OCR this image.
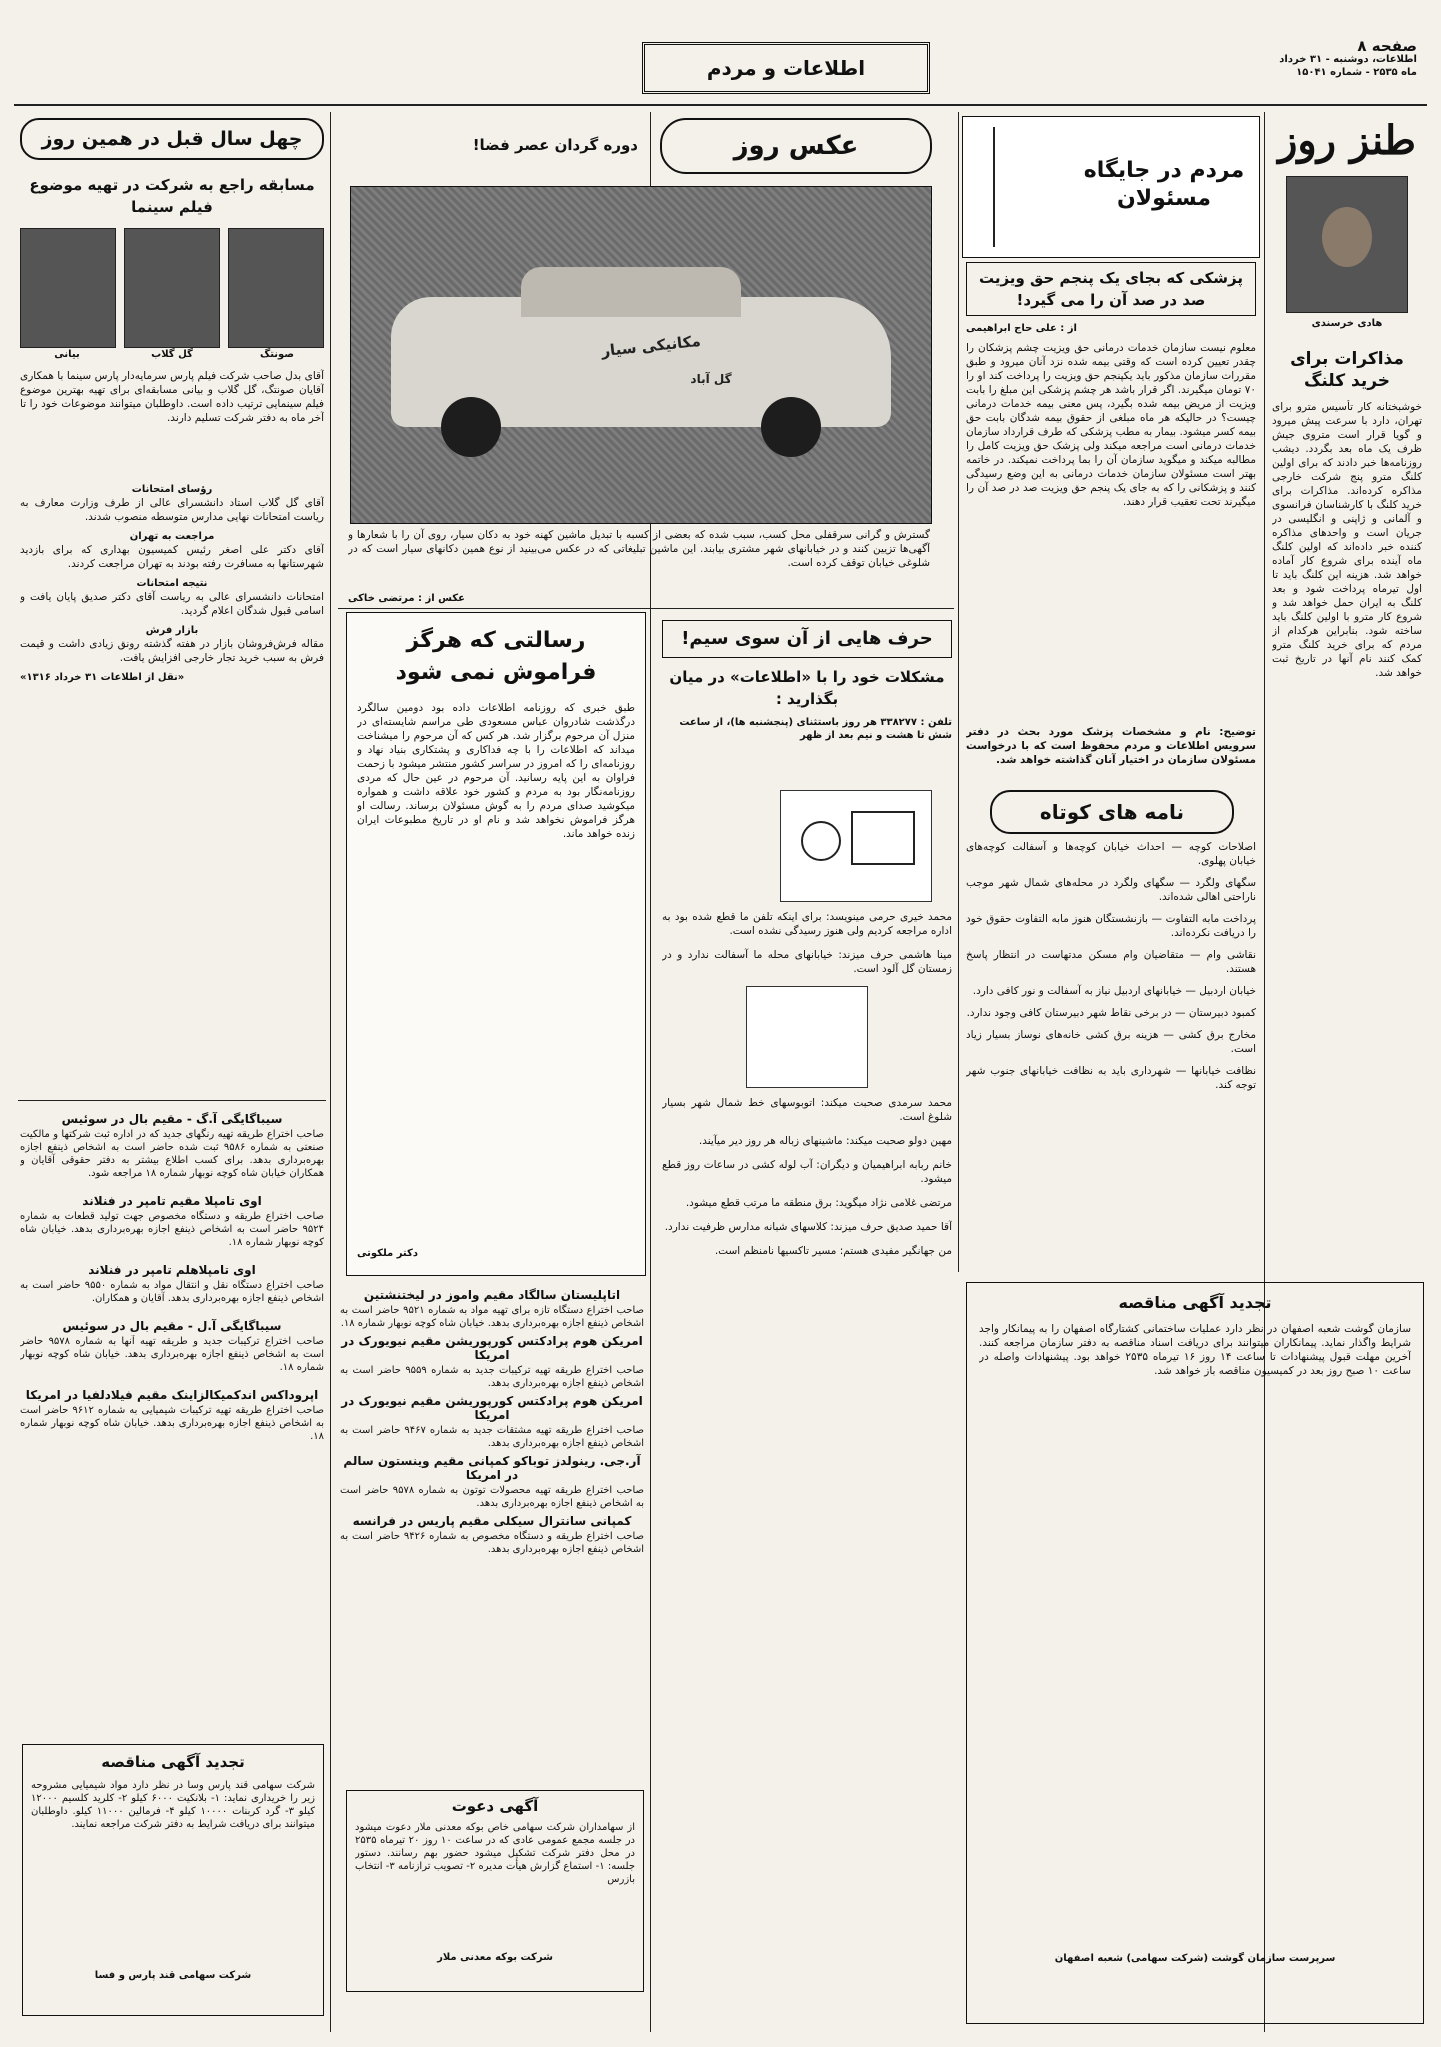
صفحه ۸
اطلاعات، دوشنبه - ۳۱ خرداد
ماه ۲۵۳۵ - شماره ۱۵۰۴۱
اطلاعات و مردم
طنز روز
هادی خرسندی
مذاکرات برای خرید کلنگ
خوشبختانه کار تأسیس مترو برای تهران، دارد با سرعت پیش میرود و گویا قرار است متروی جیش ظرف یک ماه بعد بگردد. دیشب روزنامه‌ها خبر دادند که برای اولین کلنگ مترو پنج شرکت خارجی مذاکره کرده‌اند. مذاکرات برای خرید کلنگ با کارشناسان فرانسوی و آلمانی و ژاپنی و انگلیسی در جریان است و واحدهای مذاکره کننده خبر داده‌اند که اولین کلنگ ماه آینده برای شروع کار آماده خواهد شد. هزینه این کلنگ باید تا اول تیرماه پرداخت شود و بعد کلنگ به ایران حمل خواهد شد و شروع کار مترو با اولین کلنگ باید ساخته شود. بنابراین هرکدام از مردم که برای خرید کلنگ مترو کمک کنند نام آنها در تاریخ ثبت خواهد شد.
مردم در جایگاه مسئولان
پزشکی که بجای یک پنجم حق ویزیت صد در صد آن را می گیرد!
از : علی حاج ابراهیمی
معلوم نیست سازمان خدمات درمانی حق ویزیت چشم پزشکان را چقدر تعیین کرده است که وقتی بیمه شده نزد آنان میرود و طبق مقررات سازمان مذکور باید یکپنجم حق ویزیت را پرداخت کند او را ۷۰ تومان میگیرند. اگر قرار باشد هر چشم پزشکی این مبلغ را بابت ویزیت از مریض بیمه شده بگیرد، پس معنی بیمه خدمات درمانی چیست؟ در حالیکه هر ماه مبلغی از حقوق بیمه شدگان بابت حق بیمه کسر میشود. بیمار به مطب پزشکی که طرف قرارداد سازمان خدمات درمانی است مراجعه میکند ولی پزشک حق ویزیت کامل را مطالبه میکند و میگوید سازمان آن را بما پرداخت نمیکند. در خاتمه بهتر است مسئولان سازمان خدمات درمانی به این وضع رسیدگی کنند و پزشکانی را که به جای یک پنجم حق ویزیت صد در صد آن را میگیرند تحت تعقیب قرار دهند.
توضیح: نام و مشخصات پزشک مورد بحث در دفتر سرویس اطلاعات و مردم محفوظ است که با درخواست مسئولان سازمان در اختیار آنان گذاشته خواهد شد.
نامه های کوتاه
اصلاحات کوچه — احداث خیابان کوچه‌ها و آسفالت کوچه‌های خیابان پهلوی.
سگهای ولگرد — سگهای ولگرد در محله‌های شمال شهر موجب ناراحتی اهالی شده‌اند.
پرداخت مابه التفاوت — بازنشستگان هنوز مابه التفاوت حقوق خود را دریافت نکرده‌اند.
نقاشی وام — متقاضیان وام مسکن مدتهاست در انتظار پاسخ هستند.
خیابان اردبیل — خیابانهای اردبیل نیاز به آسفالت و نور کافی دارد.
کمبود دبیرستان — در برخی نقاط شهر دبیرستان کافی وجود ندارد.
مخارج برق کشی — هزینه برق کشی خانه‌های نوساز بسیار زیاد است.
نظافت خیابانها — شهرداری باید به نظافت خیابانهای جنوب شهر توجه کند.
عکس روز
دوره گردان عصر فضا!
مکانیکی سیار
گل آباد
گسترش و گرانی سرقفلی محل کسب، سبب شده که بعضی از کسبه با تبدیل ماشین کهنه خود به دکان سیار، روی آن را با شعارها و آگهی‌ها تزیین کنند و در خیابانهای شهر مشتری بیابند. این ماشین تبلیغاتی که در عکس می‌بینید از نوع همین دکانهای سیار است که در شلوغی خیابان توقف کرده است.
عکس از : مرتضی خاکی
حرف هایی از آن سوی سیم!
مشکلات خود را با «اطلاعات» در میان بگذارید :
تلفن : ۳۳۸۲۷۷ هر روز باستثنای (پنجشنبه ها)، از ساعت شش تا هشت و نیم بعد از ظهر
محمد خیری حرمی مینویسد: برای اینکه تلفن ما قطع شده بود به اداره مراجعه کردیم ولی هنوز رسیدگی نشده است.
مینا هاشمی حرف میزند: خیابانهای محله ما آسفالت ندارد و در زمستان گل آلود است.
محمد سرمدی صحبت میکند: اتوبوسهای خط شمال شهر بسیار شلوغ است.
مهین دولو صحبت میکند: ماشینهای زباله هر روز دیر میآیند.
خانم ربابه ابراهیمیان و دیگران: آب لوله کشی در ساعات روز قطع میشود.
مرتضی غلامی نژاد میگوید: برق منطقه ما مرتب قطع میشود.
آقا حمید صدیق حرف میزند: کلاسهای شبانه مدارس ظرفیت ندارد.
من جهانگیر مفیدی هستم: مسیر تاکسیها نامنظم است.
رسالتی که هرگز فراموش نمی شود
طبق خبری که روزنامه اطلاعات داده بود دومین سالگرد درگذشت شادروان عباس مسعودی طی مراسم شایسته‌ای در منزل آن مرحوم برگزار شد. هر کس که آن مرحوم را میشناخت میداند که اطلاعات را با چه فداکاری و پشتکاری بنیاد نهاد و روزنامه‌ای را که امروز در سراسر کشور منتشر میشود با زحمت فراوان به این پایه رسانید. آن مرحوم در عین حال که مردی روزنامه‌نگار بود به مردم و کشور خود علاقه داشت و همواره میکوشید صدای مردم را به گوش مسئولان برساند. رسالت او هرگز فراموش نخواهد شد و نام او در تاریخ مطبوعات ایران زنده خواهد ماند.
دکتر ملکوتی
اتاپلیستان سالگاد مقیم واموز در لیختنشتین
صاحب اختراع دستگاه تازه برای تهیه مواد به شماره ۹۵۲۱ حاضر است به اشخاص ذینفع اجازه بهره‌برداری بدهد. خیابان شاه کوچه نوبهار شماره ۱۸.
امریکن هوم پرادکتس کورپوریشن مقیم نیویورک در امریکا
صاحب اختراع طریقه تهیه ترکیبات جدید به شماره ۹۵۵۹ حاضر است به اشخاص ذینفع اجازه بهره‌برداری بدهد.
امریکن هوم پرادکتس کورپوریشن مقیم نیویورک در امریکا
صاحب اختراع طریقه تهیه مشتقات جدید به شماره ۹۴۶۷ حاضر است به اشخاص ذینفع اجازه بهره‌برداری بدهد.
آر.جی. رینولدز توباکو کمپانی مقیم وینستون سالم در امریکا
صاحب اختراع طریقه تهیه محصولات توتون به شماره ۹۵۷۸ حاضر است به اشخاص ذینفع اجازه بهره‌برداری بدهد.
کمپانی سانترال سیکلی مقیم پاریس در فرانسه
صاحب اختراع طریقه و دستگاه مخصوص به شماره ۹۴۲۶ حاضر است به اشخاص ذینفع اجازه بهره‌برداری بدهد.
آگهی دعوت
از سهامداران شرکت سهامی خاص بوکه معدنی ملار دعوت میشود در جلسه مجمع عمومی عادی که در ساعت ۱۰ روز ۲۰ تیرماه ۲۵۳۵ در محل دفتر شرکت تشکیل میشود حضور بهم رسانند. دستور جلسه: ۱- استماع گزارش هیأت مدیره ۲- تصویب ترازنامه ۳- انتخاب بازرس
شرکت بوکه معدنی ملار
چهل سال قبل در همین روز
مسابقه راجع به شرکت در تهیه موضوع فیلم سینما
صونتگ
گل گلاب
بیانی
آقای بدل صاحب شرکت فیلم پارس سرمایه‌دار پارس سینما با همکاری آقایان صونتگ، گل گلاب و بیانی مسابقه‌ای برای تهیه بهترین موضوع فیلم سینمایی ترتیب داده است. داوطلبان میتوانند موضوعات خود را تا آخر ماه به دفتر شرکت تسلیم دارند.
رؤسای امتحانات
آقای گل گلاب استاد دانشسرای عالی از طرف وزارت معارف به ریاست امتحانات نهایی مدارس متوسطه منصوب شدند.
مراجعت به تهران
آقای دکتر علی اصغر رئیس کمیسیون بهداری که برای بازدید شهرستانها به مسافرت رفته بودند به تهران مراجعت کردند.
نتیجه امتحانات
امتحانات دانشسرای عالی به ریاست آقای دکتر صدیق پایان یافت و اسامی قبول شدگان اعلام گردید.
بازار فرش
مقاله فرش‌فروشان بازار در هفته گذشته رونق زیادی داشت و قیمت فرش به سبب خرید تجار خارجی افزایش یافت.
«نقل از اطلاعات ۳۱ خرداد ۱۳۱۶»
سیباگایگی آ.گ - مقیم بال در سوئیس
صاحب اختراع طریقه تهیه رنگهای جدید که در اداره ثبت شرکتها و مالکیت صنعتی به شماره ۹۵۸۶ ثبت شده حاضر است به اشخاص ذینفع اجازه بهره‌برداری بدهد. برای کسب اطلاع بیشتر به دفتر حقوقی آقایان و همکاران خیابان شاه کوچه نوبهار شماره ۱۸ مراجعه شود.
اوی تامپلا مقیم تامپر در فنلاند
صاحب اختراع طریقه و دستگاه مخصوص جهت تولید قطعات به شماره ۹۵۲۴ حاضر است به اشخاص ذینفع اجازه بهره‌برداری بدهد. خیابان شاه کوچه نوبهار شماره ۱۸.
اوی تامپلاهلم تامپر در فنلاند
صاحب اختراع دستگاه نقل و انتقال مواد به شماره ۹۵۵۰ حاضر است به اشخاص ذینفع اجازه بهره‌برداری بدهد. آقایان و همکاران.
سیباگایگی آ.ل - مقیم بال در سوئیس
صاحب اختراع ترکیبات جدید و طریقه تهیه آنها به شماره ۹۵۷۸ حاضر است به اشخاص ذینفع اجازه بهره‌برداری بدهد. خیابان شاه کوچه نوبهار شماره ۱۸.
اپروداکس اندکمیکالزاینک مقیم فیلادلفیا در امریکا
صاحب اختراع طریقه تهیه ترکیبات شیمیایی به شماره ۹۶۱۲ حاضر است به اشخاص ذینفع اجازه بهره‌برداری بدهد. خیابان شاه کوچه نوبهار شماره ۱۸.
تجدید آگهی مناقصه
شرکت سهامی قند پارس وسا در نظر دارد مواد شیمیایی مشروحه زیر را خریداری نماید: ۱- بلانکیت ۶۰۰۰ کیلو ۲- کلرید کلسیم ۱۲۰۰۰ کیلو ۳- گرد کربنات ۱۰۰۰۰ کیلو ۴- فرمالین ۱۱۰۰۰ کیلو. داوطلبان میتوانند برای دریافت شرایط به دفتر شرکت مراجعه نمایند.
شرکت سهامی قند پارس و فسا
تجدید آگهی مناقصه
سازمان گوشت شعبه اصفهان در نظر دارد عملیات ساختمانی کشتارگاه اصفهان را به پیمانکار واجد شرایط واگذار نماید. پیمانکاران میتوانند برای دریافت اسناد مناقصه به دفتر سازمان مراجعه کنند. آخرین مهلت قبول پیشنهادات تا ساعت ۱۴ روز ۱۶ تیرماه ۲۵۳۵ خواهد بود. پیشنهادات واصله در ساعت ۱۰ صبح روز بعد در کمیسیون مناقصه باز خواهد شد.
سرپرست سازمان گوشت (شرکت سهامی) شعبه اصفهان
